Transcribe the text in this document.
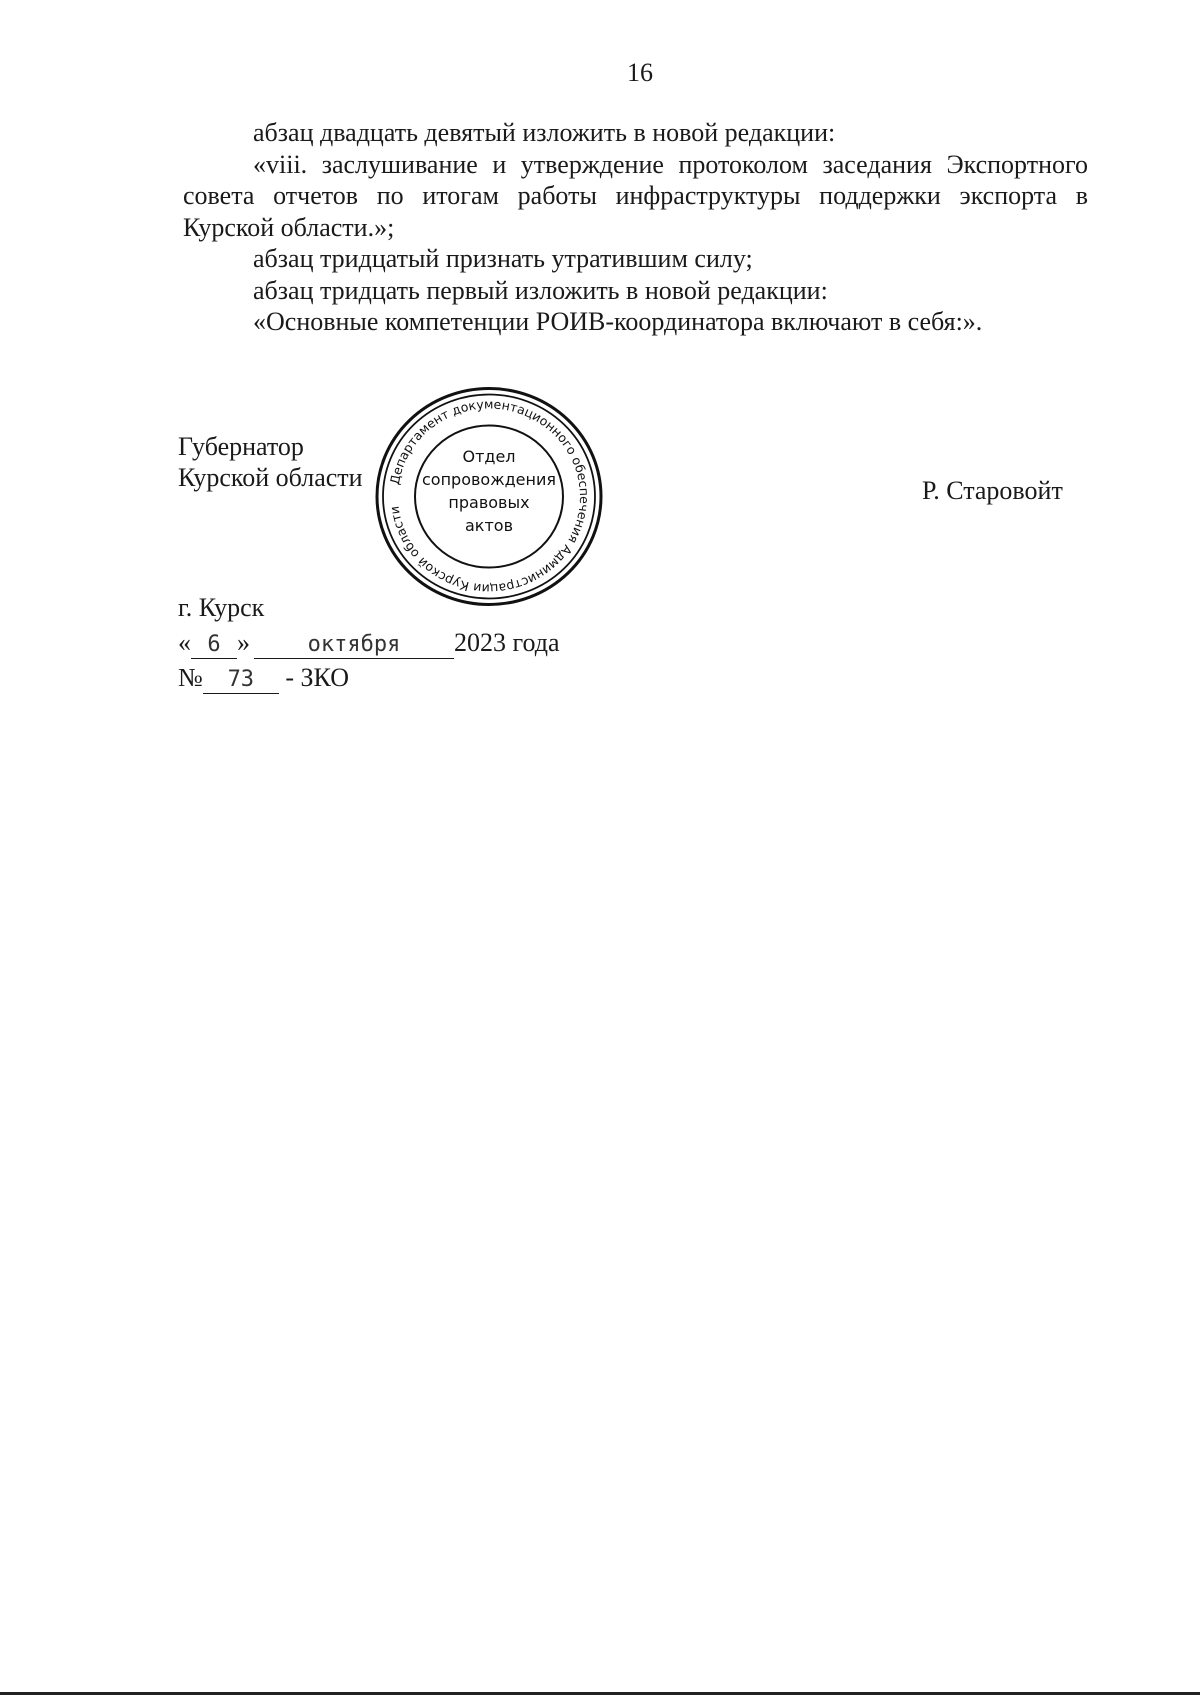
16

абзац двадцать девятый изложить в новой редакции:

«viii. заслушивание и утверждение протоколом заседания Экспортного совета отчетов по итогам работы инфраструктуры поддержки экспорта в Курской области.»;

абзац тридцатый признать утратившим силу;

абзац тридцать первый изложить в новой редакции:

«Основные компетенции РОИВ-координатора включают в себя:».

Губернатор
Курской области Департамент документационного обеспечения Администрации Курской области
Отдел
сопровождения
правовых
актов
Р. Старовойт
г. Курск
« 6 »	октября 2023 года
№ 73 - ЗКО
